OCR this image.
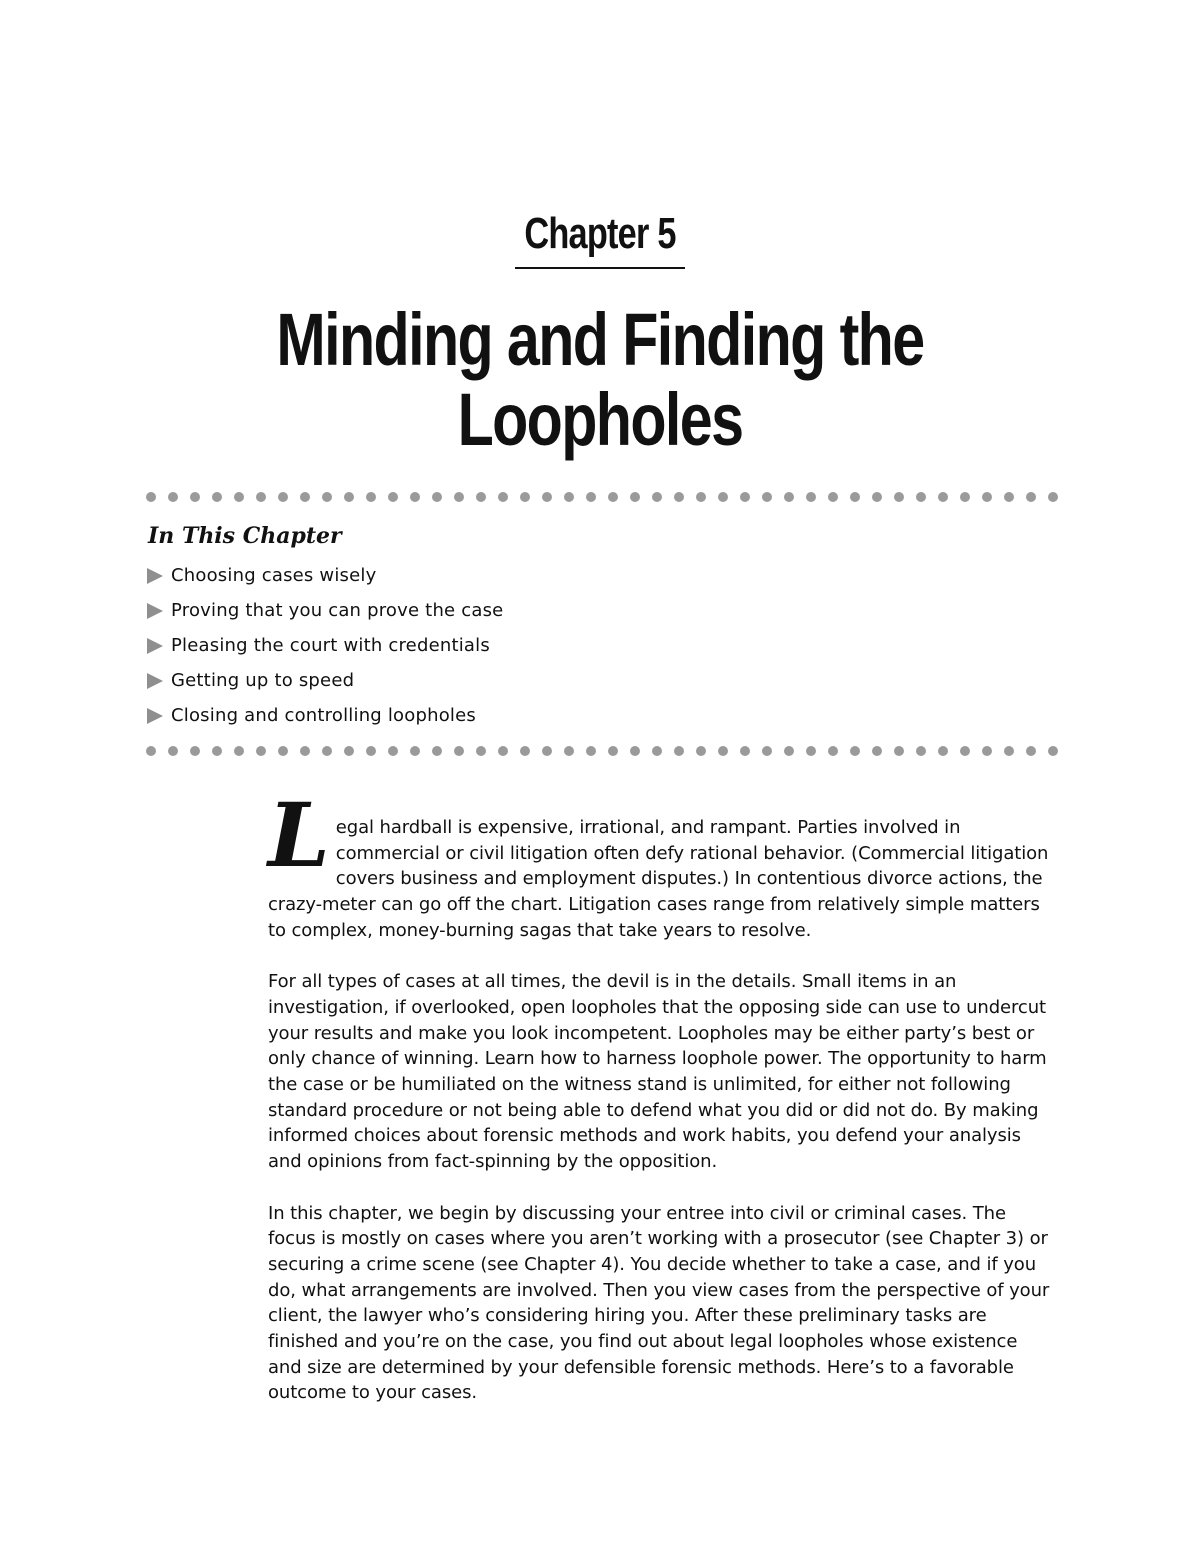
Chapter 5
Minding and Finding the
Loopholes
In This Chapter
Choosing cases wisely
Proving that you can prove the case
Pleasing the court with credentials
Getting up to speed
Closing and controlling loopholes

Legal hardball is expensive, irrational, and rampant. Parties involved in commercial or civil litigation often defy rational behavior. (Commercial litigation covers business and employment disputes.) In contentious divorce actions, the crazy-meter can go off the chart. Litigation cases range from relatively simple matters to complex, money-burning sagas that take years to resolve.

For all types of cases at all times, the devil is in the details. Small items in an investigation, if overlooked, open loopholes that the opposing side can use to undercut your results and make you look incompetent. Loopholes may be either party’s best or only chance of winning. Learn how to harness loophole power. The opportunity to harm the case or be humiliated on the witness stand is unlimited, for either not following standard procedure or not being able to defend what you did or did not do. By making informed choices about forensic methods and work habits, you defend your analysis and opinions from fact-spinning by the opposition.

In this chapter, we begin by discussing your entree into civil or criminal cases. The focus is mostly on cases where you aren’t working with a prosecutor (see Chapter 3) or securing a crime scene (see Chapter 4). You decide whether to take a case, and if you do, what arrangements are involved. Then you view cases from the perspective of your client, the lawyer who’s considering hiring you. After these preliminary tasks are finished and you’re on the case, you find out about legal loopholes whose existence and size are determined by your defensible forensic methods. Here’s to a favorable outcome to your cases.
